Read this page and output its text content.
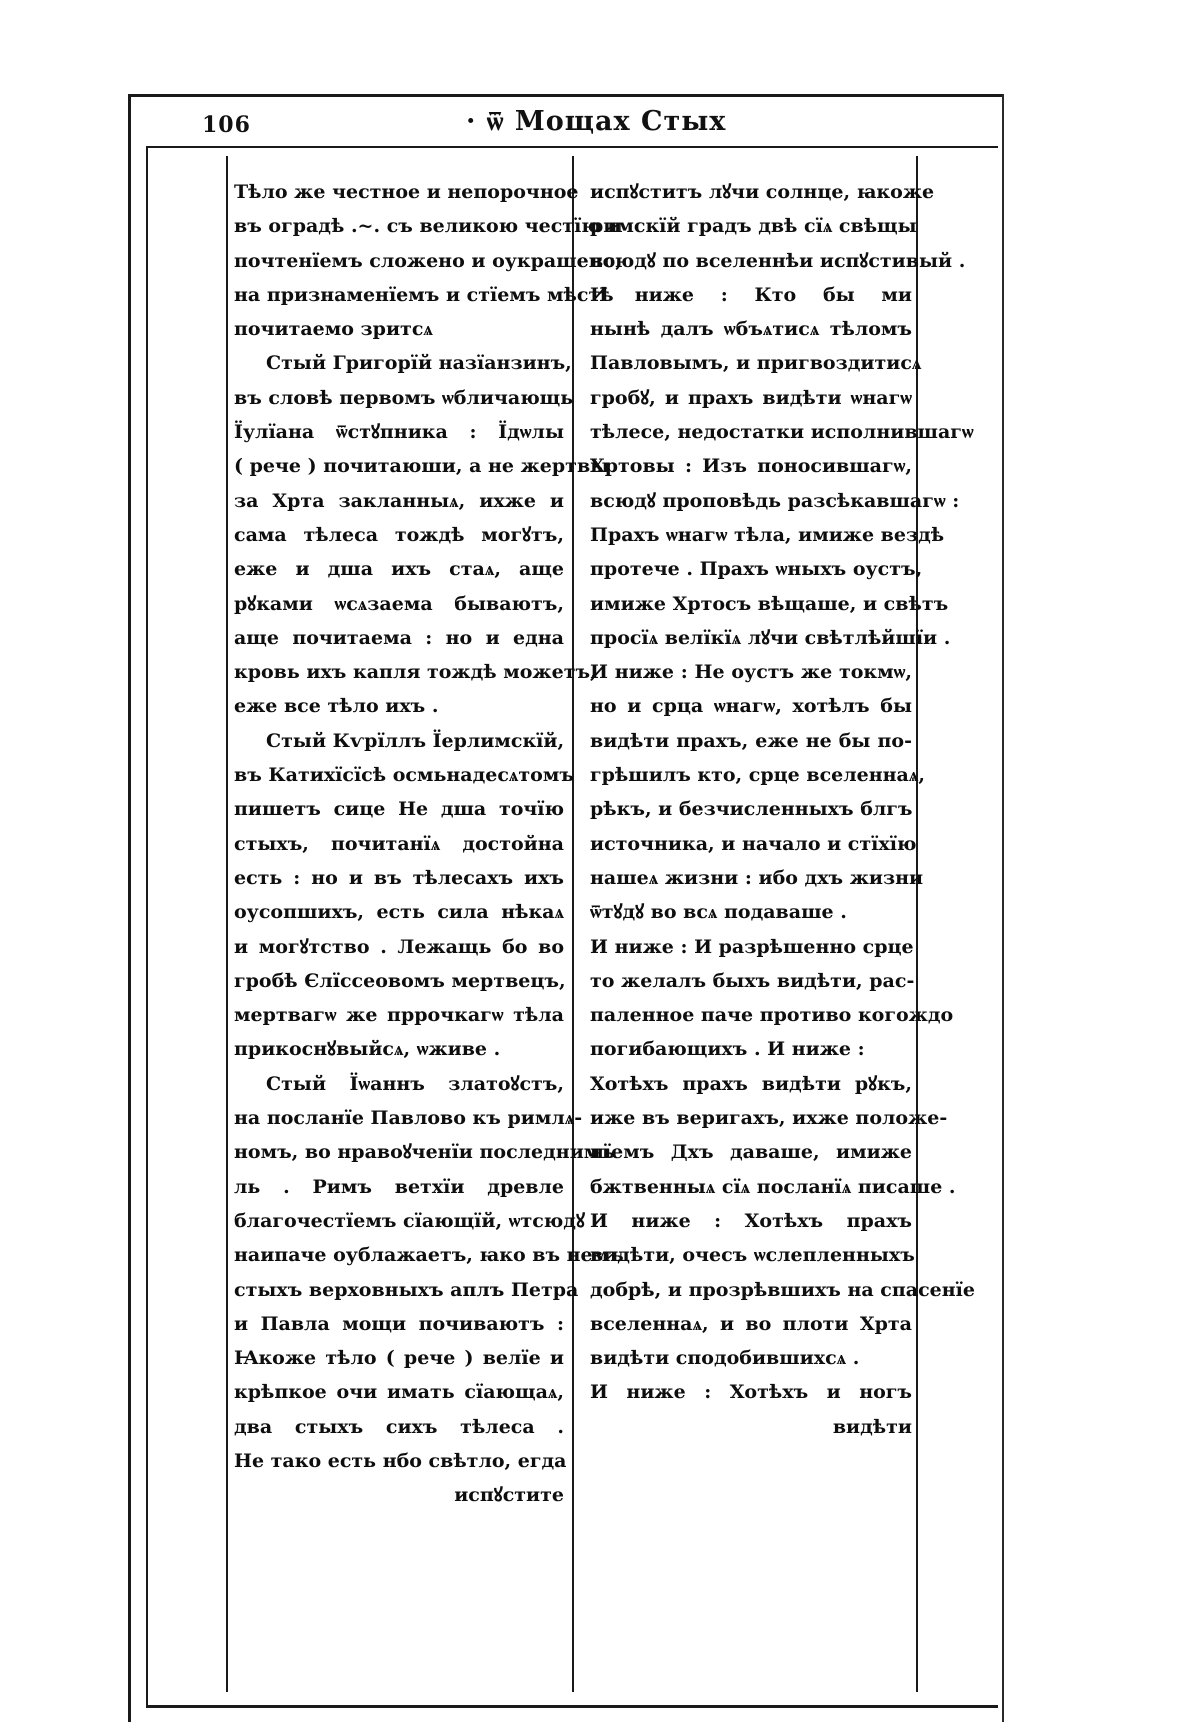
106	· ѿ Мощах Стых
Тѣло же честное и непорочное
въ оградѣ .~. съ великою честїю и
почтенїемъ сложено и оукрашено,
на признаменїемъ и стїемъ мѣстѣ
почитаемо зритсѧ
Стый Григорїй назїанзинъ,
въ словѣ первомъ ѡбличающь
Їулїана ѿстꙋпника : Їдѡлы
( рече ) почитаюши, а не жертвы
за Хрта закланныѧ, ихже и
сама тѣлеса тождѣ могꙋтъ,
еже и дша ихъ стаѧ, аще
рꙋками ѡсѧзаема бываютъ,
аще почитаема : но и една
кровь ихъ капля тождѣ можетъ,
еже все тѣло ихъ .
Стый Кѵрїллъ Їерлимскїй,
въ Катихїсїсѣ осмьнадесѧтомъ
пишетъ сице Не дша точїю
стыхъ, почитанїѧ достойна
есть : но и въ тѣлесахъ ихъ
оусопшихъ, есть сила нѣкаѧ
и могꙋтство . Лежащь бо во
гробѣ Єлїссеовомъ мертвецъ,
мертвагѡ же пррочкагѡ тѣла
прикоснꙋвыйсѧ, ѡживе .
Стый Їѡаннъ златоꙋстъ,
на посланїе Павлово къ римлѧ-
номъ, во нравоꙋченїи последнимъ
ль . Римъ ветхїи древле
благочестїемъ сїающїй, ѡтсюдꙋ
наипаче оублажаетъ, ꙗко въ немъ
стыхъ верховныхъ аплъ Петра
и Павла мощи почиваютъ :
Ꙗкоже тѣло ( рече ) велїе и
крѣпкое очи имать сїающаѧ,
два стыхъ сихъ тѣлеса .
Не тако есть нбо свѣтло, егда
испꙋстите
испꙋститъ лꙋчи солнце, ꙗкоже
римскїй градъ двѣ сїѧ свѣщы
всюдꙋ по вселеннѣи испꙋстивый .
И ниже : Кто бы ми
нынѣ далъ ѡбъѧтисѧ тѣломъ
Павловымъ, и пригвоздитисѧ
гробꙋ, и прахъ видѣти ѡнагѡ
тѣлесе, недостатки исполнившагѡ
Хртовы : Изъ поносившагѡ,
всюдꙋ проповѣдь разсѣкавшагѡ :
Прахъ ѡнагѡ тѣла, имиже вездѣ
протече . Прахъ ѡныхъ оустъ,
имиже Хртосъ вѣщаше, и свѣтъ
просїѧ велїкїѧ лꙋчи свѣтлѣйшїи .
И ниже : Не оустъ же токмѡ,
но и срца ѡнагѡ, хотѣлъ бы
видѣти прахъ, еже не бы по-
грѣшилъ кто, срце вселеннаѧ,
рѣкъ, и безчисленныхъ блгъ
источника, и начало и стїхїю
нашеѧ жизни : ибо дхъ жизни
ѿтꙋдꙋ во всѧ подаваше .
И ниже : И разрѣшенно срце
то желалъ быхъ видѣти, рас-
паленное паче противо когождо
погибающихъ . И ниже :
Хотѣхъ прахъ видѣти рꙋкъ,
иже въ веригахъ, ихже положе-
нїемъ Дхъ даваше, имиже
бжтвенныѧ сїѧ посланїѧ писаше .
И ниже : Хотѣхъ прахъ
видѣти, очесъ ѡслепленныхъ
добрѣ, и прозрѣвшихъ на спасенїе
вселеннаѧ, и во плоти Хрта
видѣти сподобившихсѧ .
И ниже : Хотѣхъ и ногъ
видѣти
